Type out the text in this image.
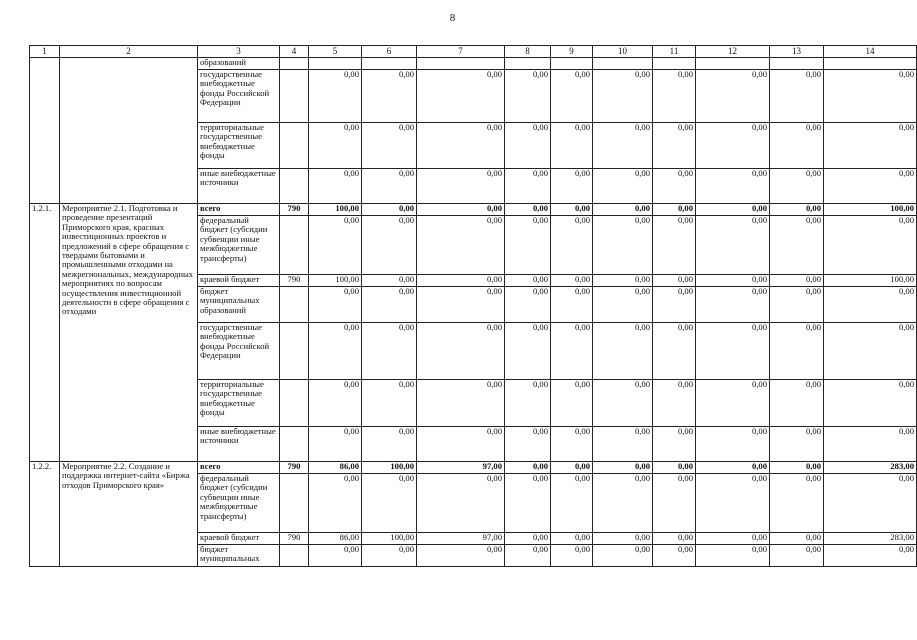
8
1	2	3	4	5	6	7	8	9	10	11	12	13	14
		образований											
		государственные внебюджетные фонды Российской Федерации		0,00	0,00	0,00	0,00	0,00	0,00	0,00	0,00	0,00	0,00
		территориальные государственные внебюджетные фонды		0,00	0,00	0,00	0,00	0,00	0,00	0,00	0,00	0,00	0,00
		иные внебюджетные источники		0,00	0,00	0,00	0,00	0,00	0,00	0,00	0,00	0,00	0,00
1.2.1.	Мероприятие 2.1. Подготовка и проведение презентаций Приморского края, красных инвестиционных проектов и предложений в сфере обращения с твердыми бытовыми и промышленными отходами на межрегиональных, международных мероприятиях по вопросам осуществления инвестиционной деятельности в сфере обращения с отходами	всего	790	100,00	0,00	0,00	0,00	0,00	0,00	0,00	0,00	0,00	100,00
		федеральный бюджет (субсидии субвенции иные межбюджетные трансферты)		0,00	0,00	0,00	0,00	0,00	0,00	0,00	0,00	0,00	0,00
		краевой бюджет	790	100,00	0,00	0,00	0,00	0,00	0,00	0,00	0,00	0,00	100,00
		бюджет муниципальных образований		0,00	0,00	0,00	0,00	0,00	0,00	0,00	0,00	0,00	0,00
		государственные внебюджетные фонды Российской Федерации		0,00	0,00	0,00	0,00	0,00	0,00	0,00	0,00	0,00	0,00
		территориальные государственные внебюджетные фонды		0,00	0,00	0,00	0,00	0,00	0,00	0,00	0,00	0,00	0,00
		иные внебюджетные источники		0,00	0,00	0,00	0,00	0,00	0,00	0,00	0,00	0,00	0,00
1.2.2.	Мероприятие 2.2. Создание и поддержка интернет-сайта «Биржа отходов Приморского края»	всего	790	86,00	100,00	97,00	0,00	0,00	0,00	0,00	0,00	0,00	283,00
		федеральный бюджет (субсидии субвенции иные межбюджетные трансферты)		0,00	0,00	0,00	0,00	0,00	0,00	0,00	0,00	0,00	0,00
		краевой бюджет	790	86,00	100,00	97,00	0,00	0,00	0,00	0,00	0,00	0,00	283,00
		бюджет муниципальных		0,00	0,00	0,00	0,00	0,00	0,00	0,00	0,00	0,00	0,00
